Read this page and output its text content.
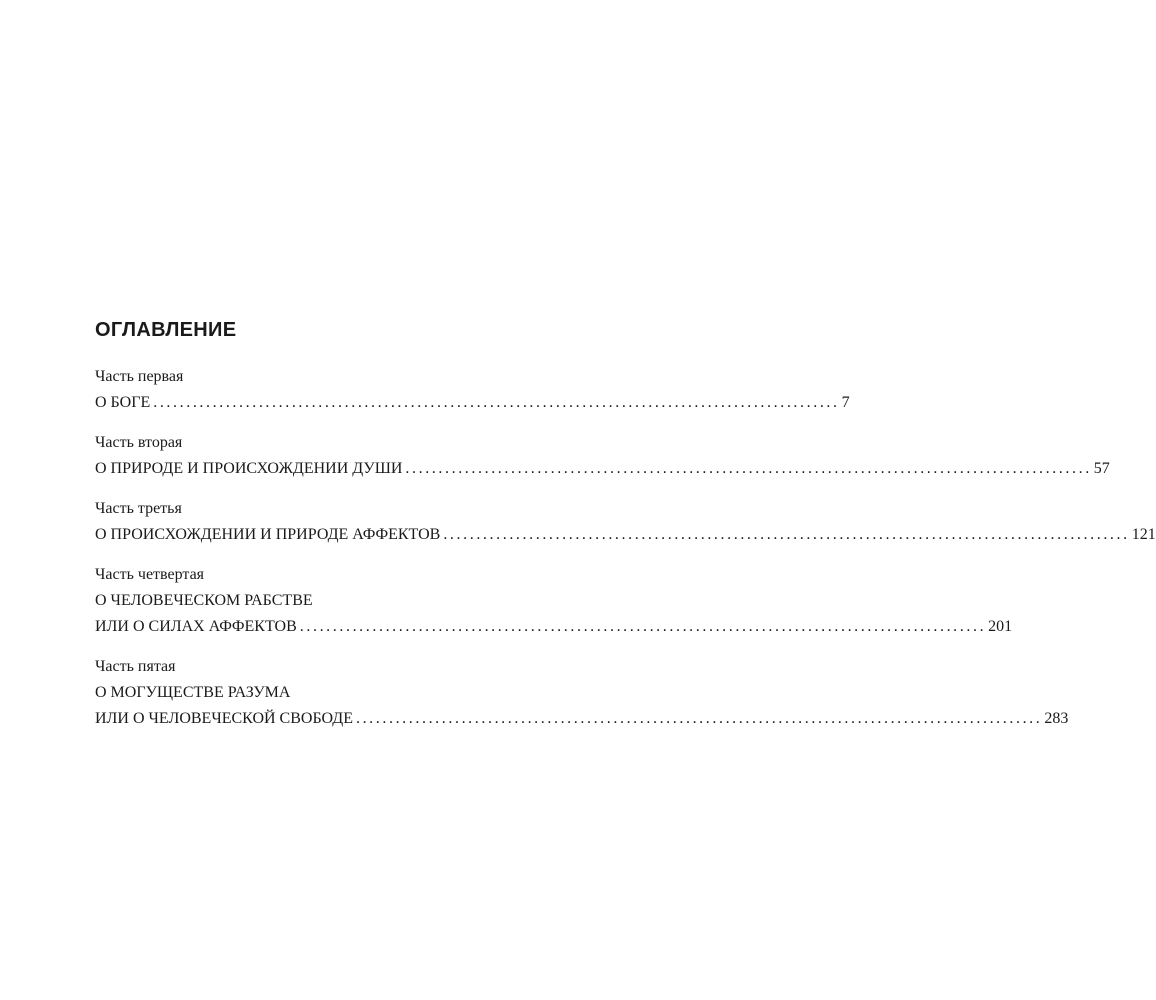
ОГЛАВЛЕНИЕ
Часть первая
О БОГЕ ........................................................................................................ 7
Часть вторая
О ПРИРОДЕ И ПРОИСХОЖДЕНИИ ДУШИ ........................................................................................................ 57
Часть третья
О ПРОИСХОЖДЕНИИ И ПРИРОДЕ АФФЕКТОВ ........................................................................................................ 121
Часть четвертая
О ЧЕЛОВЕЧЕСКОМ РАБСТВЕ
ИЛИ О СИЛАХ АФФЕКТОВ ........................................................................................................ 201
Часть пятая
О МОГУЩЕСТВЕ РАЗУМА
ИЛИ О ЧЕЛОВЕЧЕСКОЙ СВОБОДЕ ........................................................................................................ 283
